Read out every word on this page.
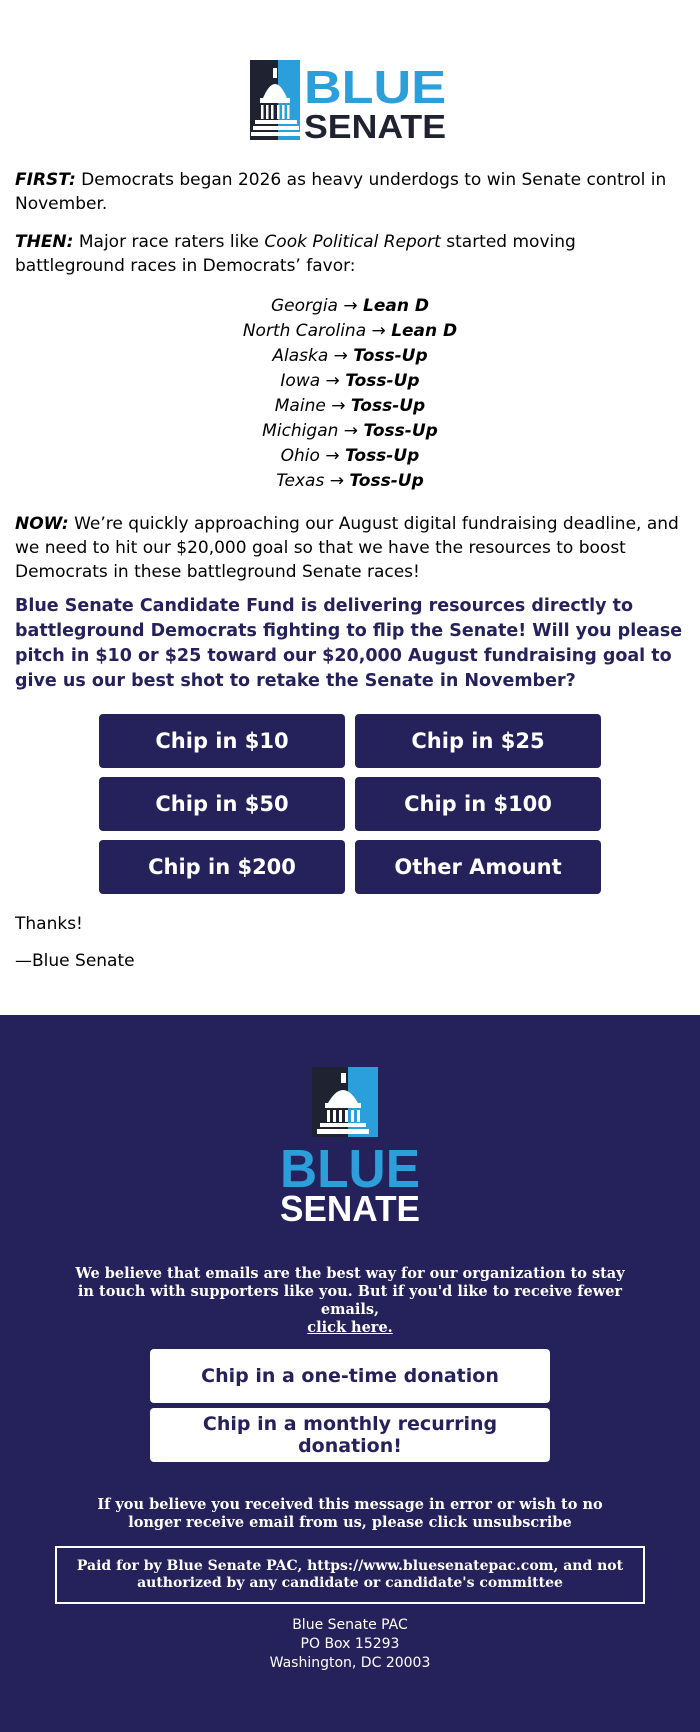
BLUE
SENATE

FIRST: Democrats began 2026 as heavy underdogs to win Senate control in November.

THEN: Major race raters like Cook Political Report started moving battleground races in Democrats’ favor:

Georgia → Lean D
North Carolina → Lean D
Alaska → Toss-Up
Iowa → Toss-Up
Maine → Toss-Up
Michigan → Toss-Up
Ohio → Toss-Up
Texas → Toss-Up

NOW: We’re quickly approaching our August digital fundraising deadline, and we need to hit our $20,000 goal so that we have the resources to boost Democrats in these battleground Senate races!

Blue Senate Candidate Fund is delivering resources directly to battleground Democrats fighting to flip the Senate! Will you please pitch in $10 or $25 toward our $20,000 August fundraising goal to give us our best shot to retake the Senate in November?

Chip in $10	Chip in $25
Chip in $50	Chip in $100
Chip in $200	Other Amount

Thanks!

—Blue Senate

BLUE
SENATE

We believe that emails are the best way for our organization to stay in touch with supporters like you. But if you'd like to receive fewer emails,
click here.

Chip in a one-time donation
Chip in a monthly recurring donation!

If you believe you received this message in error or wish to no longer receive email from us, please click unsubscribe

Paid for by Blue Senate PAC, https://www.bluesenatepac.com, and not authorized by any candidate or candidate's committee
Blue Senate PAC
PO Box 15293
Washington, DC 20003
